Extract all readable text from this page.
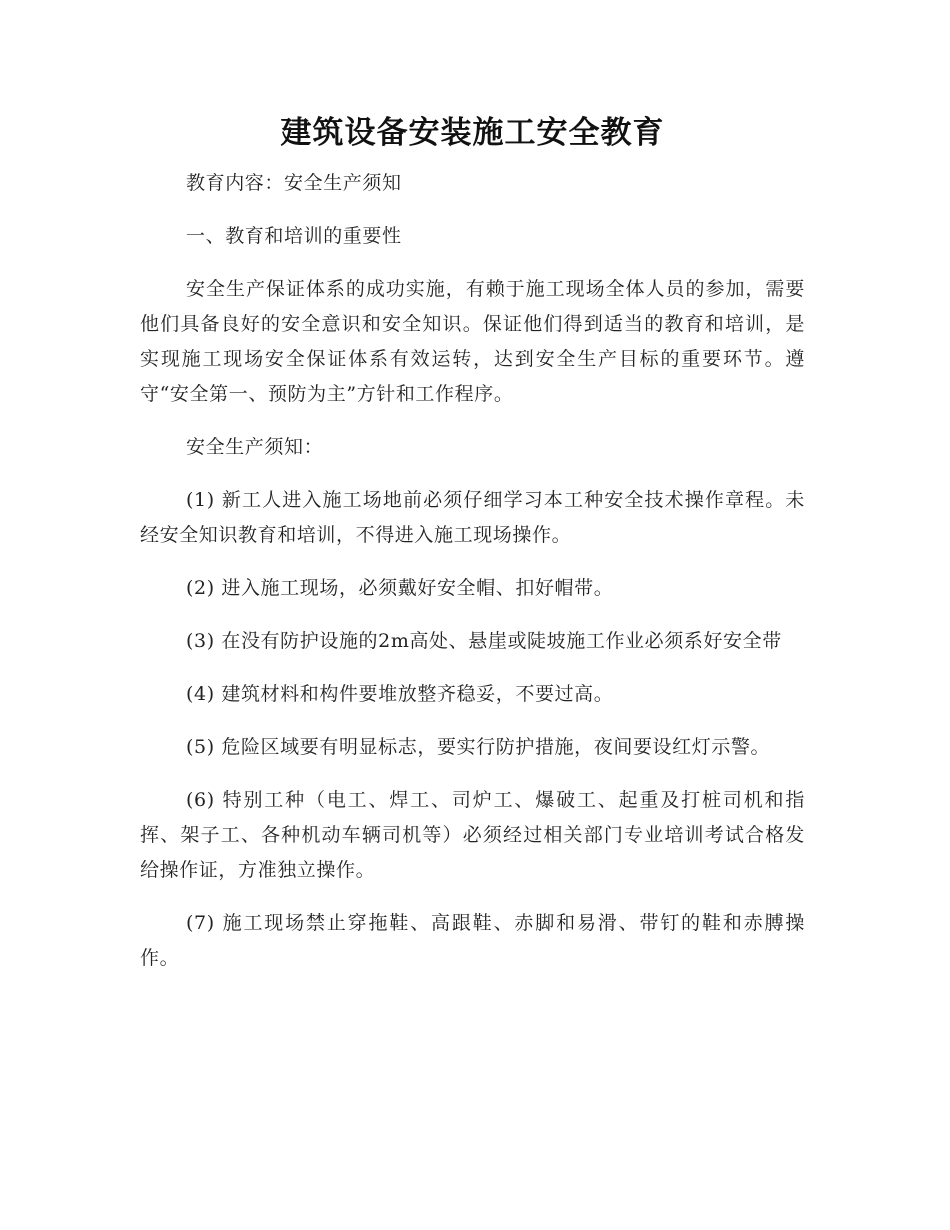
建筑设备安装施工安全教育

教育内容：安全生产须知

一、教育和培训的重要性

安全生产保证体系的成功实施，有赖于施工现场全体人员的参加，需要他们具备良好的安全意识和安全知识。保证他们得到适当的教育和培训，是实现施工现场安全保证体系有效运转，达到安全生产目标的重要环节。遵守“安全第一、预防为主”方针和工作程序。

安全生产须知：

(1) 新工人进入施工场地前必须仔细学习本工种安全技术操作章程。未经安全知识教育和培训，不得进入施工现场操作。

(2) 进入施工现场，必须戴好安全帽、扣好帽带。

(3) 在没有防护设施的2m高处、悬崖或陡坡施工作业必须系好安全带

(4) 建筑材料和构件要堆放整齐稳妥，不要过高。

(5) 危险区域要有明显标志，要实行防护措施，夜间要设红灯示警。

(6) 特别工种（电工、焊工、司炉工、爆破工、起重及打桩司机和指挥、架子工、各种机动车辆司机等）必须经过相关部门专业培训考试合格发给操作证，方准独立操作。

(7) 施工现场禁止穿拖鞋、高跟鞋、赤脚和易滑、带钉的鞋和赤膊操作。
